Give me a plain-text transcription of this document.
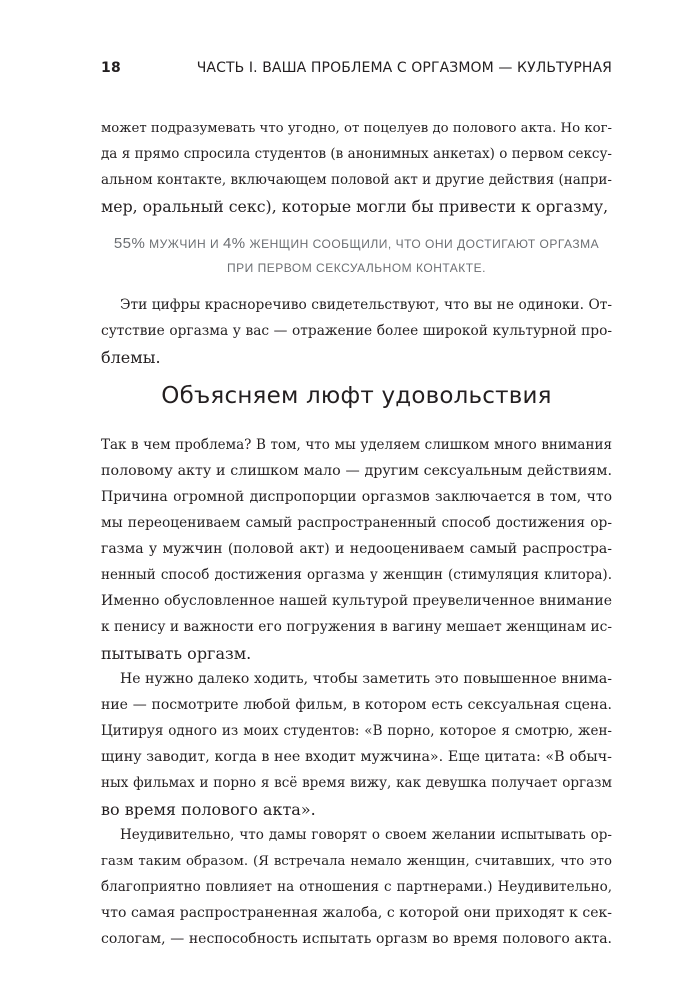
18	ЧАСТЬ I. ВАША ПРОБЛЕМА С ОРГАЗМОМ — КУЛЬТУРНАЯ
может подразумевать что угодно, от поцелуев до полового акта. Но ког-
да я прямо спросила студентов (в анонимных анкетах) о первом сексу-
альном контакте, включающем половой акт и другие действия (напри-
мер, оральный секс), которые могли бы привести к оргазму,
55% МУЖЧИН И 4% ЖЕНЩИН СООБЩИЛИ, ЧТО ОНИ ДОСТИГАЮТ ОРГАЗМА
ПРИ ПЕРВОМ СЕКСУАЛЬНОМ КОНТАКТЕ.
Эти цифры красноречиво свидетельствуют, что вы не одиноки. От-
сутствие оргазма у вас — отражение более широкой культурной про-
блемы.
Объясняем люфт удовольствия
Так в чем проблема? В том, что мы уделяем слишком много внимания
половому акту и слишком мало — другим сексуальным действиям.
Причина огромной диспропорции оргазмов заключается в том, что
мы переоцениваем самый распространенный способ достижения ор-
газма у мужчин (половой акт) и недооцениваем самый распростра-
ненный способ достижения оргазма у женщин (стимуляция клитора).
Именно обусловленное нашей культурой преувеличенное внимание
к пенису и важности его погружения в вагину мешает женщинам ис-
пытывать оргазм.
Не нужно далеко ходить, чтобы заметить это повышенное внима-
ние — посмотрите любой фильм, в котором есть сексуальная сцена.
Цитируя одного из моих студентов: «В порно, которое я смотрю, жен-
щину заводит, когда в нее входит мужчина». Еще цитата: «В обыч-
ных фильмах и порно я всё время вижу, как девушка получает оргазм
во время полового акта».
Неудивительно, что дамы говорят о своем желании испытывать ор-
газм таким образом. (Я встречала немало женщин, считавших, что это
благоприятно повлияет на отношения с партнерами.) Неудивительно,
что самая распространенная жалоба, с которой они приходят к сек-
сологам, — неспособность испытать оргазм во время полового акта.
